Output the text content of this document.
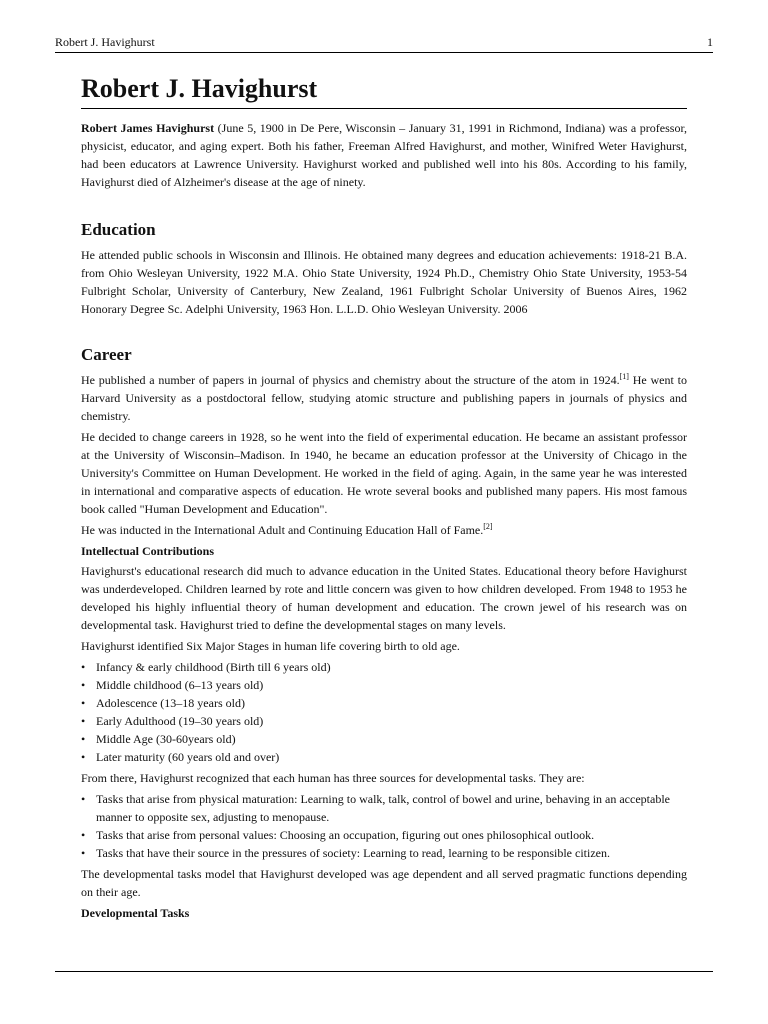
Robert J. Havighurst	1
Robert J. Havighurst

Robert James Havighurst (June 5, 1900 in De Pere, Wisconsin – January 31, 1991 in Richmond, Indiana) was a professor, physicist, educator, and aging expert. Both his father, Freeman Alfred Havighurst, and mother, Winifred Weter Havighurst, had been educators at Lawrence University. Havighurst worked and published well into his 80s. According to his family, Havighurst died of Alzheimer's disease at the age of ninety.

Education

He attended public schools in Wisconsin and Illinois. He obtained many degrees and education achievements: 1918-21 B.A. from Ohio Wesleyan University, 1922 M.A. Ohio State University, 1924 Ph.D., Chemistry Ohio State University, 1953-54 Fulbright Scholar, University of Canterbury, New Zealand, 1961 Fulbright Scholar University of Buenos Aires, 1962 Honorary Degree Sc. Adelphi University, 1963 Hon. L.L.D. Ohio Wesleyan University. 2006

Career

He published a number of papers in journal of physics and chemistry about the structure of the atom in 1924.[1] He went to Harvard University as a postdoctoral fellow, studying atomic structure and publishing papers in journals of physics and chemistry.

He decided to change careers in 1928, so he went into the field of experimental education. He became an assistant professor at the University of Wisconsin–Madison. In 1940, he became an education professor at the University of Chicago in the University's Committee on Human Development. He worked in the field of aging. Again, in the same year he was interested in international and comparative aspects of education. He wrote several books and published many papers. His most famous book called "Human Development and Education".

He was inducted in the International Adult and Continuing Education Hall of Fame.[2]

Intellectual Contributions

Havighurst's educational research did much to advance education in the United States. Educational theory before Havighurst was underdeveloped. Children learned by rote and little concern was given to how children developed. From 1948 to 1953 he developed his highly influential theory of human development and education. The crown jewel of his research was on developmental task. Havighurst tried to define the developmental stages on many levels.

Havighurst identified Six Major Stages in human life covering birth to old age.

• Infancy & early childhood (Birth till 6 years old)
• Middle childhood (6–13 years old)
• Adolescence (13–18 years old)
• Early Adulthood (19–30 years old)
• Middle Age (30-60years old)
• Later maturity (60 years old and over)

From there, Havighurst recognized that each human has three sources for developmental tasks. They are:

• Tasks that arise from physical maturation: Learning to walk, talk, control of bowel and urine, behaving in an acceptable manner to opposite sex, adjusting to menopause.
• Tasks that arise from personal values: Choosing an occupation, figuring out ones philosophical outlook.
• Tasks that have their source in the pressures of society: Learning to read, learning to be responsible citizen.

The developmental tasks model that Havighurst developed was age dependent and all served pragmatic functions depending on their age.

Developmental Tasks
